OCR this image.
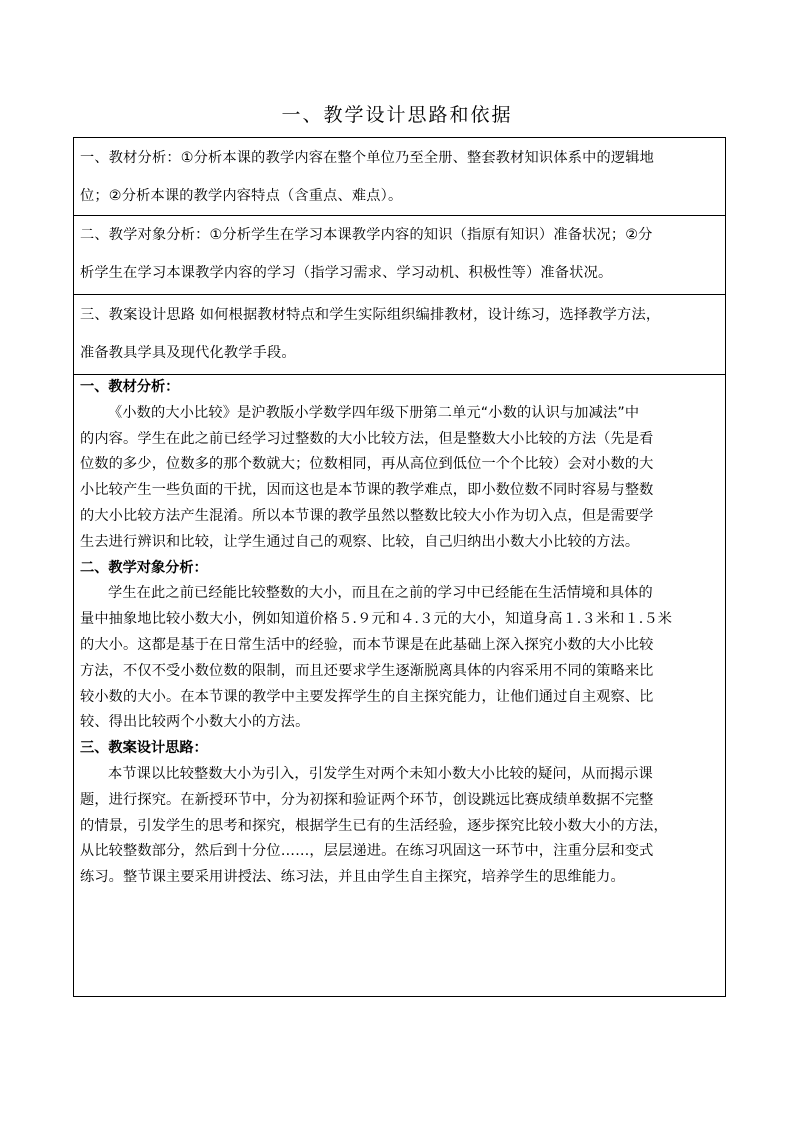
一、教学设计思路和依据
一、教材分析：①分析本课的教学内容在整个单位乃至全册、整套教材知识体系中的逻辑地
位；②分析本课的教学内容特点（含重点、难点）。
二、教学对象分析：①分析学生在学习本课教学内容的知识（指原有知识）准备状况；②分
析学生在学习本课教学内容的学习（指学习需求、学习动机、积极性等）准备状况。
三、教案设计思路 如何根据教材特点和学生实际组织编排教材，设计练习，选择教学方法，
准备教具学具及现代化教学手段。
一、教材分析：
《小数的大小比较》是沪教版小学数学四年级下册第二单元“小数的认识与加减法”中
的内容。学生在此之前已经学习过整数的大小比较方法，但是整数大小比较的方法（先是看
位数的多少，位数多的那个数就大；位数相同，再从高位到低位一个个比较）会对小数的大
小比较产生一些负面的干扰，因而这也是本节课的教学难点，即小数位数不同时容易与整数
的大小比较方法产生混淆。所以本节课的教学虽然以整数比较大小作为切入点，但是需要学
生去进行辨识和比较，让学生通过自己的观察、比较，自己归纳出小数大小比较的方法。
二、教学对象分析：
学生在此之前已经能比较整数的大小，而且在之前的学习中已经能在生活情境和具体的
量中抽象地比较小数大小，例如知道价格５.９元和４.３元的大小，知道身高１.３米和１.５米
的大小。这都是基于在日常生活中的经验，而本节课是在此基础上深入探究小数的大小比较
方法，不仅不受小数位数的限制，而且还要求学生逐渐脱离具体的内容采用不同的策略来比
较小数的大小。在本节课的教学中主要发挥学生的自主探究能力，让他们通过自主观察、比
较、得出比较两个小数大小的方法。
三、教案设计思路：
本节课以比较整数大小为引入，引发学生对两个未知小数大小比较的疑问，从而揭示课
题，进行探究。在新授环节中，分为初探和验证两个环节，创设跳远比赛成绩单数据不完整
的情景，引发学生的思考和探究，根据学生已有的生活经验，逐步探究比较小数大小的方法，
从比较整数部分，然后到十分位……，层层递进。在练习巩固这一环节中，注重分层和变式
练习。整节课主要采用讲授法、练习法，并且由学生自主探究，培养学生的思维能力。
